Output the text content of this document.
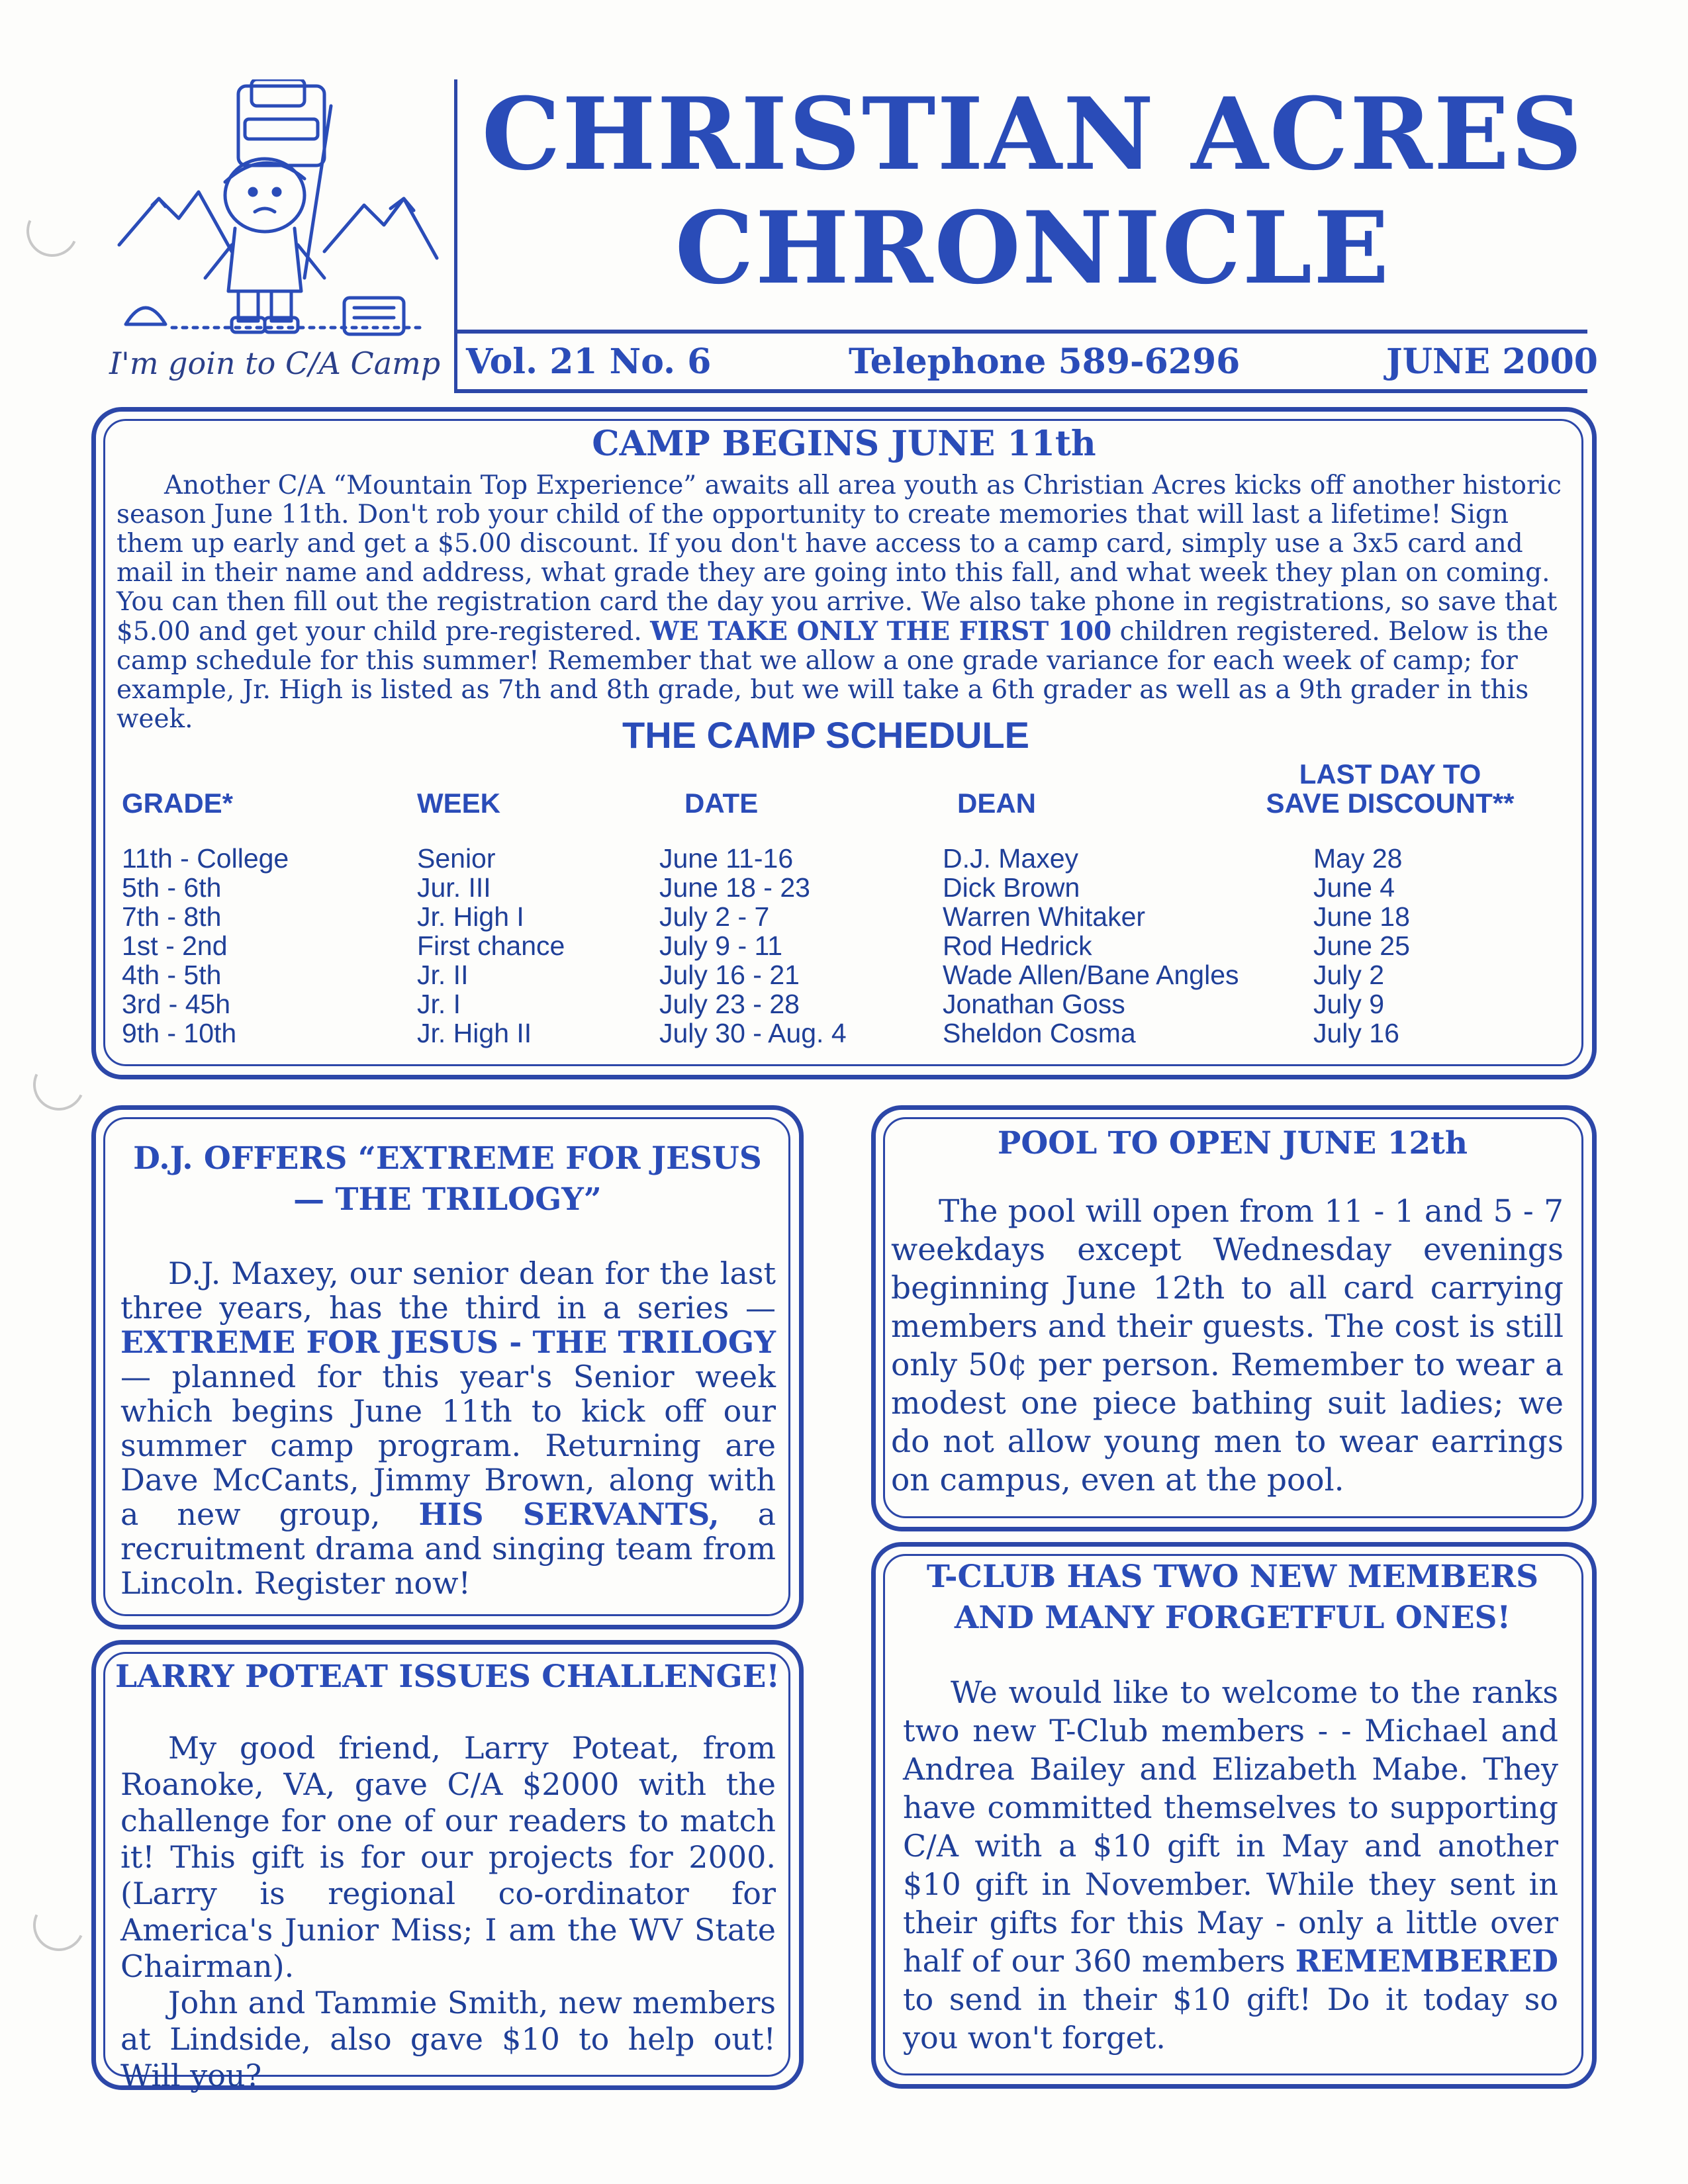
I'm goin to C/A Camp
CHRISTIAN ACRES
CHRONICLE
Vol. 21 No. 6	Telephone 589-6296	JUNE 2000
CAMP BEGINS JUNE 11th
Another C/A “Mountain Top Experience” awaits all area youth as Christian Acres kicks off another historic
season June 11th. Don't rob your child of the opportunity to create memories that will last a lifetime! Sign
them up early and get a $5.00 discount. If you don't have access to a camp card, simply use a 3x5 card and
mail in their name and address, what grade they are going into this fall, and what week they plan on coming.
You can then fill out the registration card the day you arrive. We also take phone in registrations, so save that
$5.00 and get your child pre-registered. WE TAKE ONLY THE FIRST 100 children registered. Below is the
camp schedule for this summer! Remember that we allow a one grade variance for each week of camp; for
example, Jr. High is listed as 7th and 8th grade, but we will take a 6th grader as well as a 9th grader in this
week.	THE CAMP SCHEDULE
GRADE*	WEEK	DATE	DEAN
LAST DAY TO
SAVE DISCOUNT**
11th - College	Senior	June 11-16	D.J. Maxey	May 28
5th - 6th	Jur. III	June 18 - 23	Dick Brown	June 4
7th - 8th	Jr. High I	July 2 - 7	Warren Whitaker	June 18
1st - 2nd	First chance	July 9 - 11	Rod Hedrick	June 25
4th - 5th	Jr. II	July 16 - 21	Wade Allen/Bane Angles	July 2
3rd - 45h	Jr. I	July 23 - 28	Jonathan Goss	July 9
9th - 10th	Jr. High II	July 30 - Aug. 4	Sheldon Cosma	July 16
D.J. OFFERS “EXTREME FOR JESUS
— THE TRILOGY”
D.J. Maxey, our senior dean for the last three years, has the third in a series — EXTREME FOR JESUS - THE TRILOGY — planned for this year's Senior week which begins June 11th to kick off our summer camp program. Returning are Dave McCants, Jimmy Brown, along with a new group, HIS SERVANTS, a recruitment drama and singing team from Lincoln. Register now!
POOL TO OPEN JUNE 12th
The pool will open from 11 - 1 and 5 - 7 weekdays except Wednesday evenings beginning June 12th to all card carrying members and their guests. The cost is still only 50¢ per person. Remember to wear a modest one piece bathing suit ladies; we do not allow young men to wear earrings on campus, even at the pool.
LARRY POTEAT ISSUES CHALLENGE!
My good friend, Larry Poteat, from Roanoke, VA, gave C/A $2000 with the challenge for one of our readers to match it! This gift is for our projects for 2000. (Larry is regional co-ordinator for America's Junior Miss; I am the WV State Chairman).
John and Tammie Smith, new members at Lindside, also gave $10 to help out! Will you?
T-CLUB HAS TWO NEW MEMBERS
AND MANY FORGETFUL ONES!
We would like to welcome to the ranks two new T-Club members - - Michael and Andrea Bailey and Elizabeth Mabe. They have committed themselves to supporting C/A with a $10 gift in May and another $10 gift in November. While they sent in their gifts for this May - only a little over half of our 360 members REMEMBERED to send in their $10 gift! Do it today so you won't forget.
